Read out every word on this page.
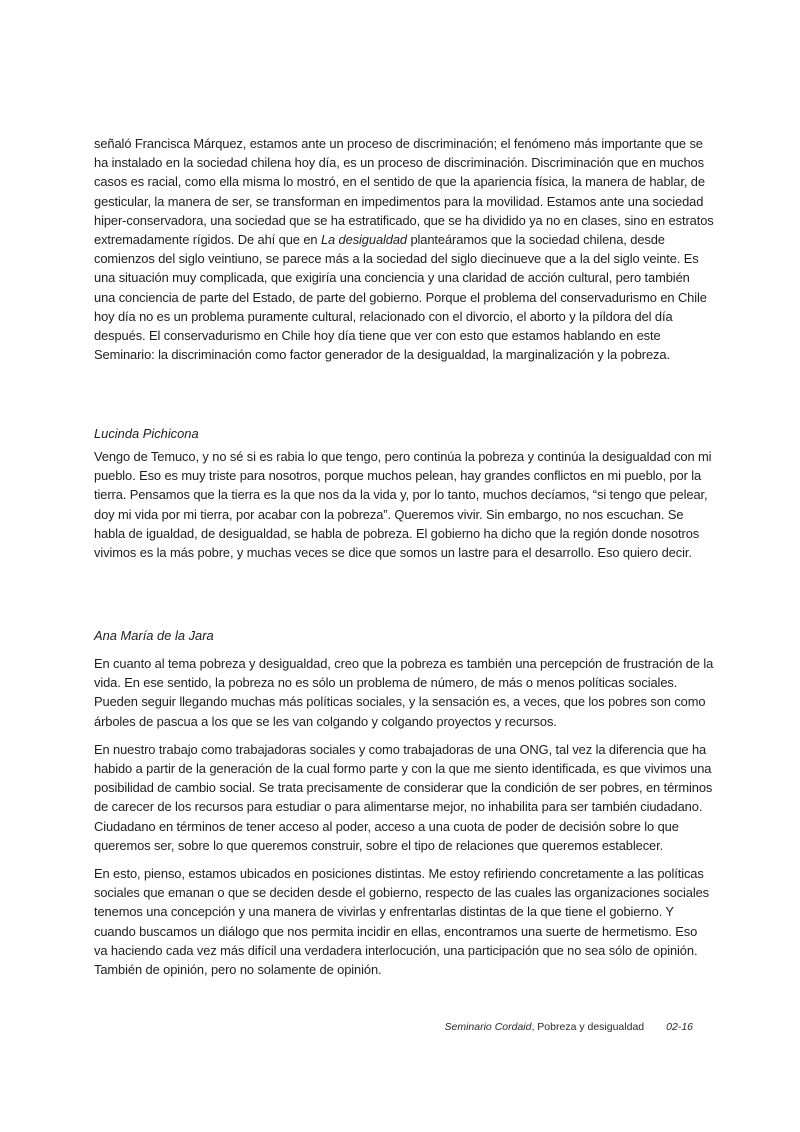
señaló Francisca Márquez, estamos ante un proceso de discriminación; el fenómeno más importante que se ha instalado en la sociedad chilena hoy día, es un proceso de discriminación. Discriminación que en muchos casos es racial, como ella misma lo mostró, en el sentido de que la apariencia física, la manera de hablar, de gesticular, la manera de ser, se transforman en impedimentos para la movilidad. Estamos ante una sociedad hiper-conservadora, una sociedad que se ha estratificado, que se ha dividido ya no en clases, sino en estratos extremadamente rígidos. De ahí que en La desigualdad planteáramos que la sociedad chilena, desde comienzos del siglo veintiuno, se parece más a la sociedad del siglo diecinueve que a la del siglo veinte. Es una situación muy complicada, que exigiría una conciencia y una claridad de acción cultural, pero también una conciencia de parte del Estado, de parte del gobierno. Porque el problema del conservadurismo en Chile hoy día no es un problema puramente cultural, relacionado con el divorcio, el aborto y la píldora del día después. El conservadurismo en Chile hoy día tiene que ver con esto que estamos hablando en este Seminario: la discriminación como factor generador de la desigualdad, la marginalización y la pobreza.

Lucinda Pichicona

Vengo de Temuco, y no sé si es rabia lo que tengo, pero continúa la pobreza y continúa la desigualdad con mi pueblo. Eso es muy triste para nosotros, porque muchos pelean, hay grandes conflictos en mi pueblo, por la tierra. Pensamos que la tierra es la que nos da la vida y, por lo tanto, muchos decíamos, “si tengo que pelear, doy mi vida por mi tierra, por acabar con la pobreza”. Queremos vivir. Sin embargo, no nos escuchan. Se habla de igualdad, de desigualdad, se habla de pobreza. El gobierno ha dicho que la región donde nosotros vivimos es la más pobre, y muchas veces se dice que somos un lastre para el desarrollo. Eso quiero decir.

Ana María de la Jara

En cuanto al tema pobreza y desigualdad, creo que la pobreza es también una percepción de frustración de la vida. En ese sentido, la pobreza no es sólo un problema de número, de más o menos políticas sociales. Pueden seguir llegando muchas más políticas sociales, y la sensación es, a veces, que los pobres son como árboles de pascua a los que se les van colgando y colgando proyectos y recursos.

En nuestro trabajo como trabajadoras sociales y como trabajadoras de una ONG, tal vez la diferencia que ha habido a partir de la generación de la cual formo parte y con la que me siento identificada, es que vivimos una posibilidad de cambio social. Se trata precisamente de considerar que la condición de ser pobres, en términos de carecer de los recursos para estudiar o para alimentarse mejor, no inhabilita para ser también ciudadano. Ciudadano en términos de tener acceso al poder, acceso a una cuota de poder de decisión sobre lo que queremos ser, sobre lo que queremos construir, sobre el tipo de relaciones que queremos establecer.

En esto, pienso, estamos ubicados en posiciones distintas. Me estoy refiriendo concretamente a las políticas sociales que emanan o que se deciden desde el gobierno, respecto de las cuales las organizaciones sociales tenemos una concepción y una manera de vivirlas y enfrentarlas distintas de la que tiene el gobierno. Y cuando buscamos un diálogo que nos permita incidir en ellas, encontramos una suerte de hermetismo. Eso va haciendo cada vez más difícil una verdadera interlocución, una participación que no sea sólo de opinión. También de opinión, pero no solamente de opinión.

Seminario Cordaid, Pobreza y desigualdad 02-16
